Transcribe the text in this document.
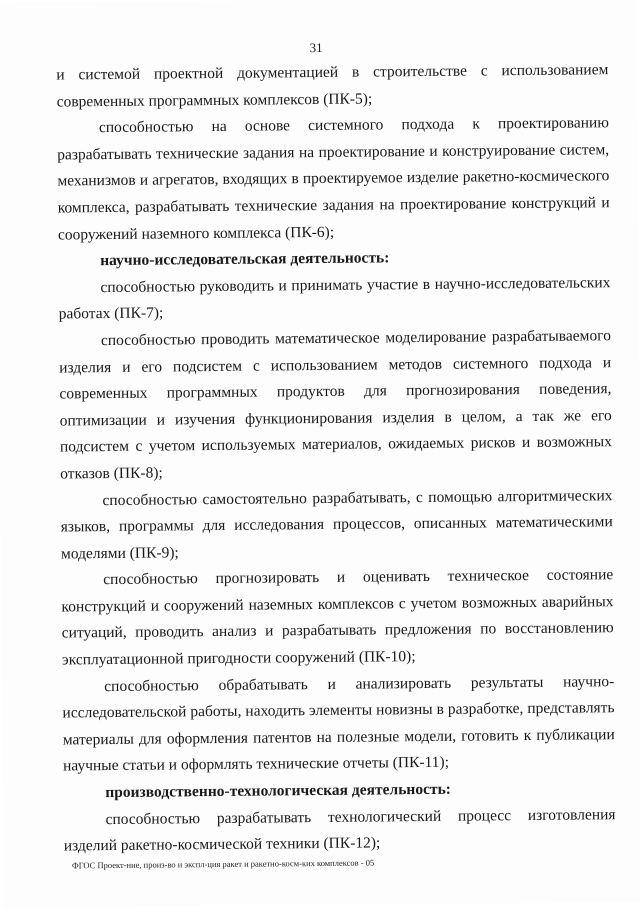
31

и системой проектной документацией в строительстве с использованием современных программных комплексов (ПК-5);

способностью на основе системного подхода к проектированию разрабатывать технические задания на проектирование и конструирование систем, механизмов и агрегатов, входящих в проектируемое изделие ракетно-космического комплекса, разрабатывать технические задания на проектирование конструкций и сооружений наземного комплекса (ПК-6);

научно-исследовательская деятельность:

способностью руководить и принимать участие в научно-исследовательских работах (ПК-7);

способностью проводить математическое моделирование разрабатываемого изделия и его подсистем с использованием методов системного подхода и современных программных продуктов для прогнозирования поведения, оптимизации и изучения функционирования изделия в целом, а так же его подсистем с учетом используемых материалов, ожидаемых рисков и возможных отказов (ПК-8);

способностью самостоятельно разрабатывать, с помощью алгоритмических языков, программы для исследования процессов, описанных математическими моделями (ПК-9);

способностью прогнозировать и оценивать техническое состояние конструкций и сооружений наземных комплексов с учетом возможных аварийных ситуаций, проводить анализ и разрабатывать предложения по восстановлению эксплуатационной пригодности сооружений (ПК-10);

способностью обрабатывать и анализировать результаты научно-исследовательской работы, находить элементы новизны в разработке, представлять материалы для оформления патентов на полезные модели, готовить к публикации научные статьи и оформлять технические отчеты (ПК-11);

производственно-технологическая деятельность:

способностью разрабатывать технологический процесс изготовления изделий ракетно-космической техники (ПК-12);

ФГОС Проект-ние, произ-во и экспл-ция ракет и ракетно-косм-ких комплексов - 05
